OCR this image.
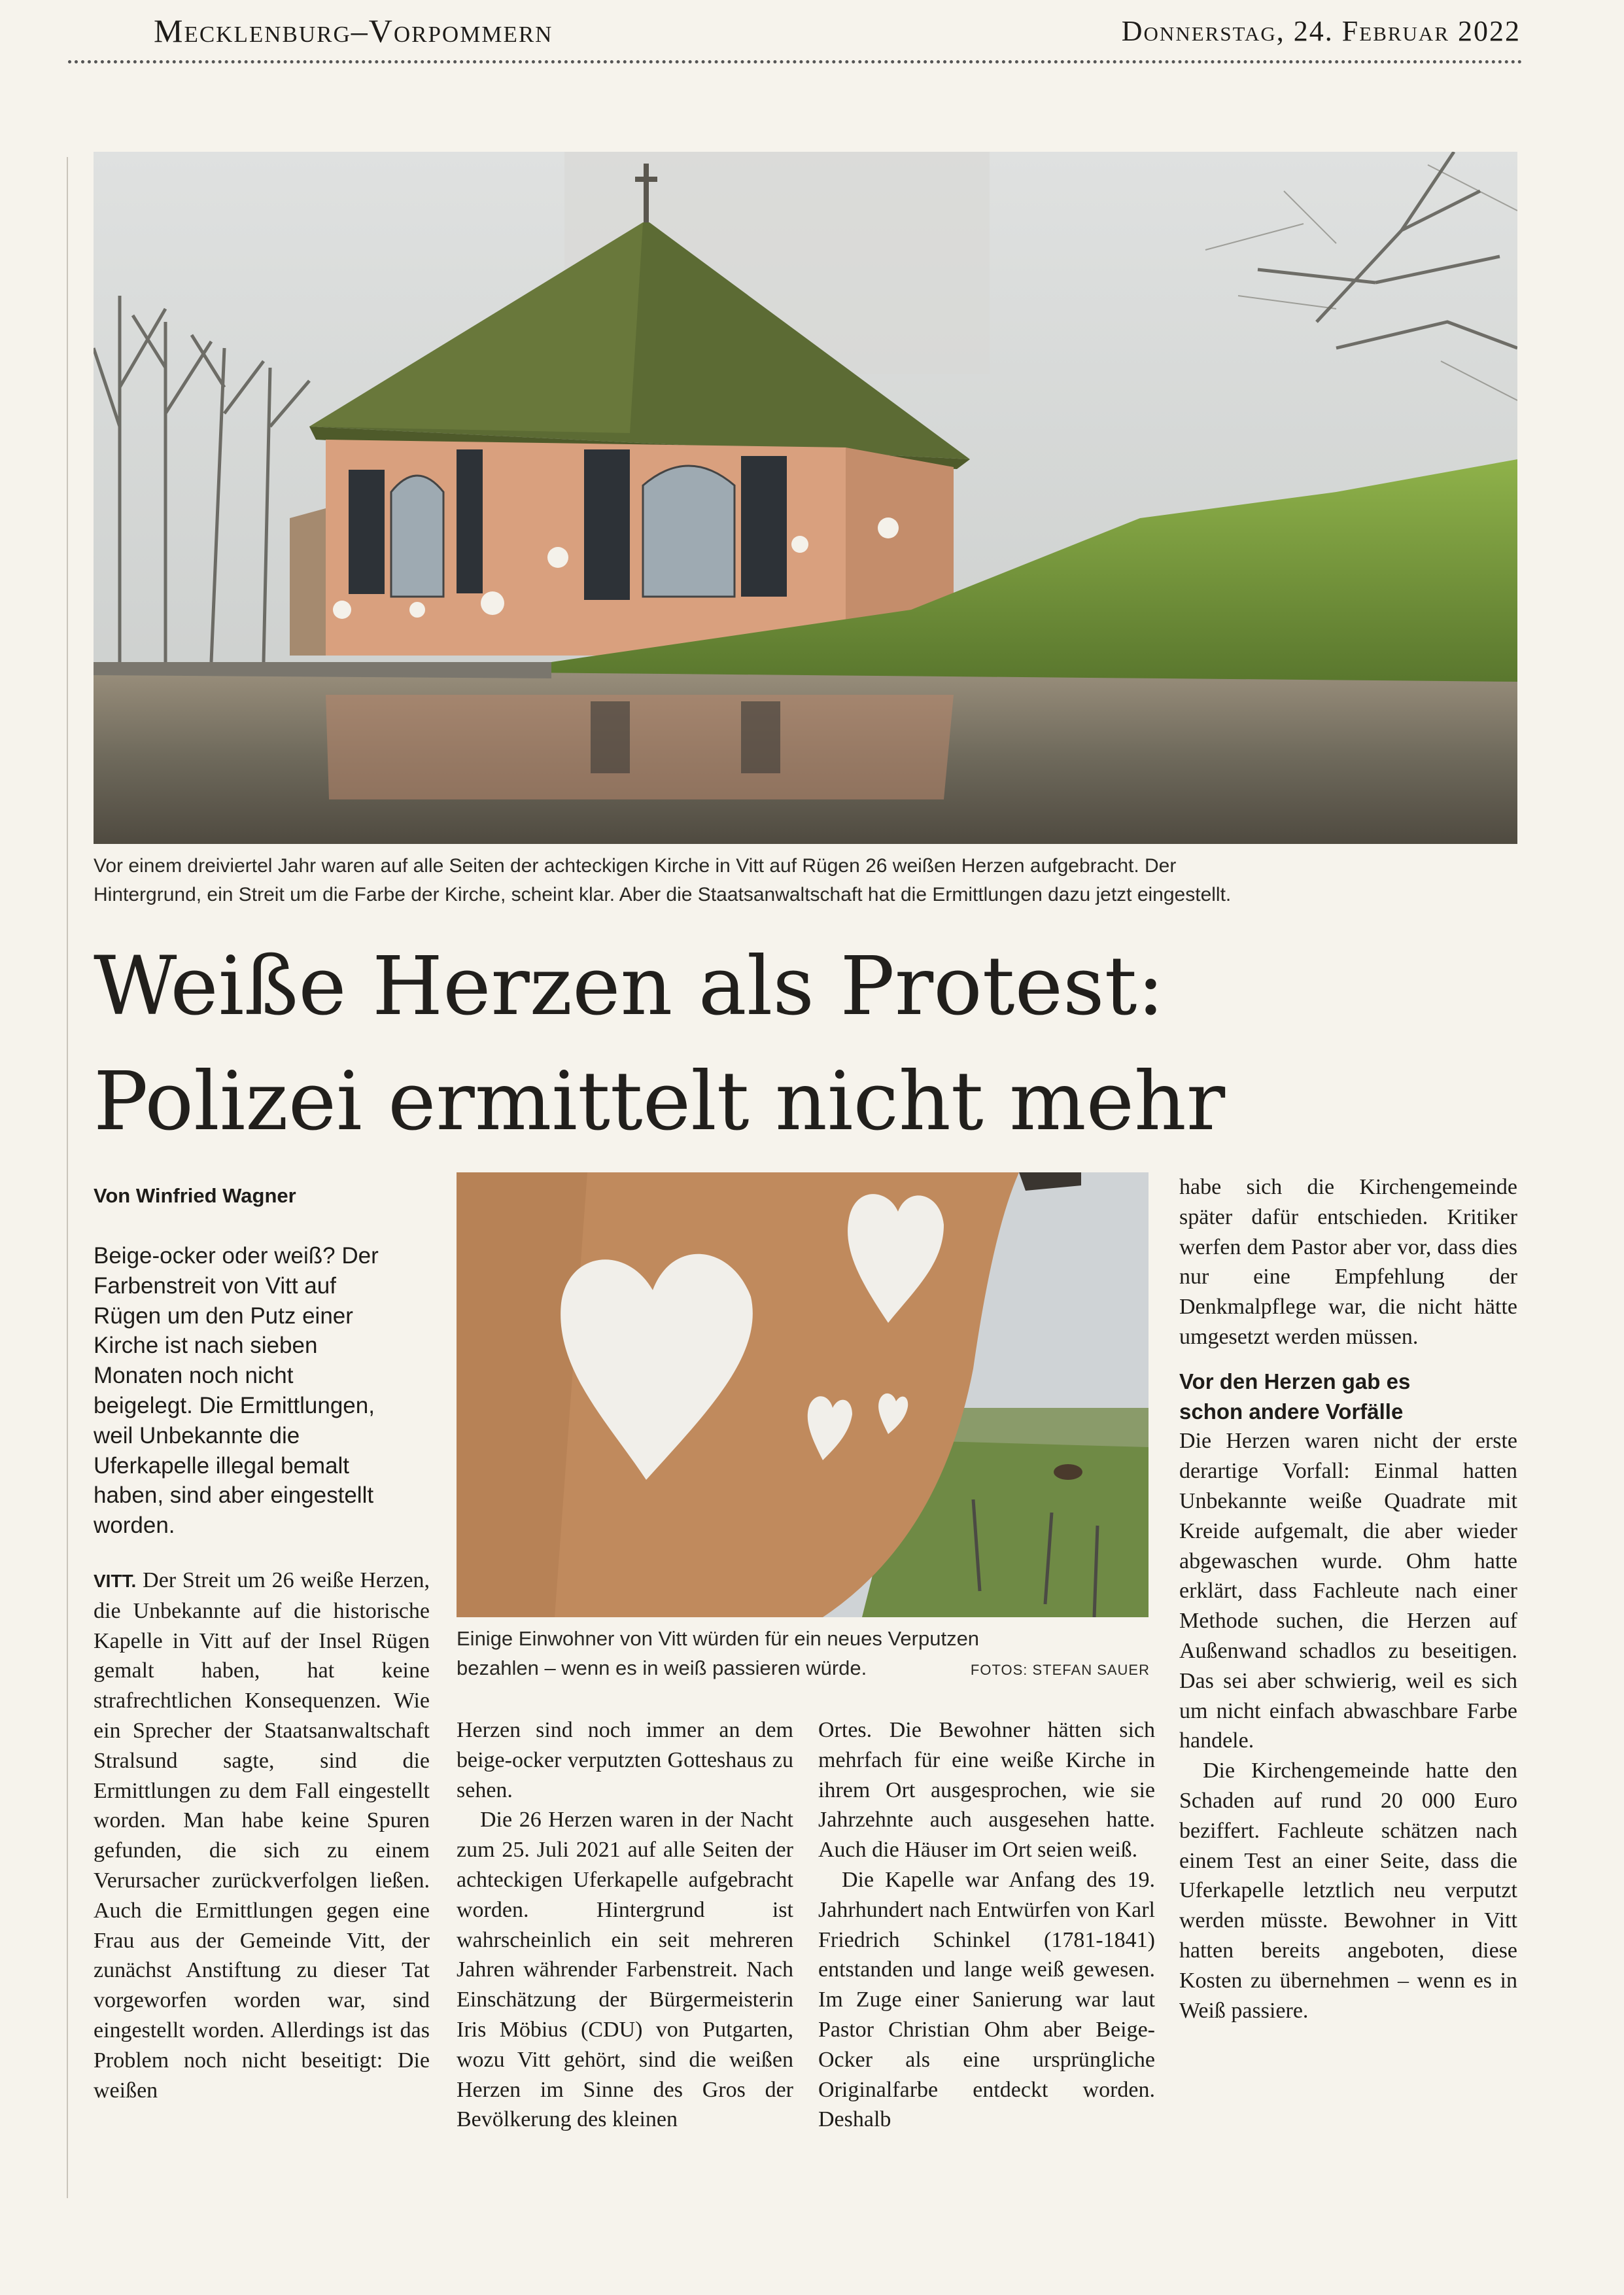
Mecklenburg–Vorpommern	Donnerstag, 24. Februar 2022
Vor einem dreiviertel Jahr waren auf alle Seiten der achteckigen Kirche in Vitt auf Rügen 26 weißen Herzen aufgebracht. Der
Hintergrund, ein Streit um die Farbe der Kirche, scheint klar. Aber die Staatsanwaltschaft hat die Ermittlungen dazu jetzt eingestellt.
Weiße Herzen als Protest:
Polizei ermittelt nicht mehr
Von Winfried Wagner
Beige-ocker oder weiß? Der
Farbenstreit von Vitt auf
Rügen um den Putz einer
Kirche ist nach sieben
Monaten noch nicht
beigelegt. Die Ermittlungen,
weil Unbekannte die
Uferkapelle illegal bemalt
haben, sind aber eingestellt
worden.
Einige Einwohner von Vitt würden für ein neues Verputzen
bezahlen – wenn es in weiß passieren würde.	FOTOS: STEFAN SAUER

VITT. Der Streit um 26 weiße Herzen, die Unbekannte auf die historische Kapelle in Vitt auf der Insel Rügen gemalt haben, hat keine strafrechtlichen Konsequenzen. Wie ein Sprecher der Staatsanwaltschaft Stralsund sagte, sind die Ermittlungen zu dem Fall eingestellt worden. Man habe keine Spuren gefunden, die sich zu einem Verursacher zurückverfolgen ließen. Auch die Ermittlungen gegen eine Frau aus der Gemeinde Vitt, der zunächst Anstiftung zu dieser Tat vorgeworfen worden war, sind eingestellt worden. Allerdings ist das Problem noch nicht beseitigt: Die weißen

Herzen sind noch immer an dem beige-ocker verputzten Gotteshaus zu sehen.

Die 26 Herzen waren in der Nacht zum 25. Juli 2021 auf alle Seiten der achteckigen Uferkapelle aufgebracht worden. Hintergrund ist wahrscheinlich ein seit mehreren Jahren währender Farbenstreit. Nach Einschätzung der Bürgermeisterin Iris Möbius (CDU) von Putgarten, wozu Vitt gehört, sind die weißen Herzen im Sinne des Gros der Bevölkerung des kleinen

Ortes. Die Bewohner hätten sich mehrfach für eine weiße Kirche in ihrem Ort ausgesprochen, wie sie Jahrzehnte auch ausgesehen hatte. Auch die Häuser im Ort seien weiß.

Die Kapelle war Anfang des 19. Jahrhundert nach Entwürfen von Karl Friedrich Schinkel (1781-1841) entstanden und lange weiß gewesen. Im Zuge einer Sanierung war laut Pastor Christian Ohm aber Beige-Ocker als eine ursprüngliche Originalfarbe entdeckt worden. Deshalb

habe sich die Kirchengemeinde später dafür entschieden. Kritiker werfen dem Pastor aber vor, dass dies nur eine Empfehlung der Denkmalpflege war, die nicht hätte umgesetzt werden müssen.

Vor den Herzen gab es
schon andere Vorfälle

Die Herzen waren nicht der erste derartige Vorfall: Einmal hatten Unbekannte weiße Quadrate mit Kreide aufgemalt, die aber wieder abgewaschen wurde. Ohm hatte erklärt, dass Fachleute nach einer Methode suchen, die Herzen auf Außenwand schadlos zu beseitigen. Das sei aber schwierig, weil es sich um nicht einfach abwaschbare Farbe handele.

Die Kirchengemeinde hatte den Schaden auf rund 20 000 Euro beziffert. Fachleute schätzen nach einem Test an einer Seite, dass die Uferkapelle letztlich neu verputzt werden müsste. Bewohner in Vitt hatten bereits angeboten, diese Kosten zu übernehmen – wenn es in Weiß passiere.
